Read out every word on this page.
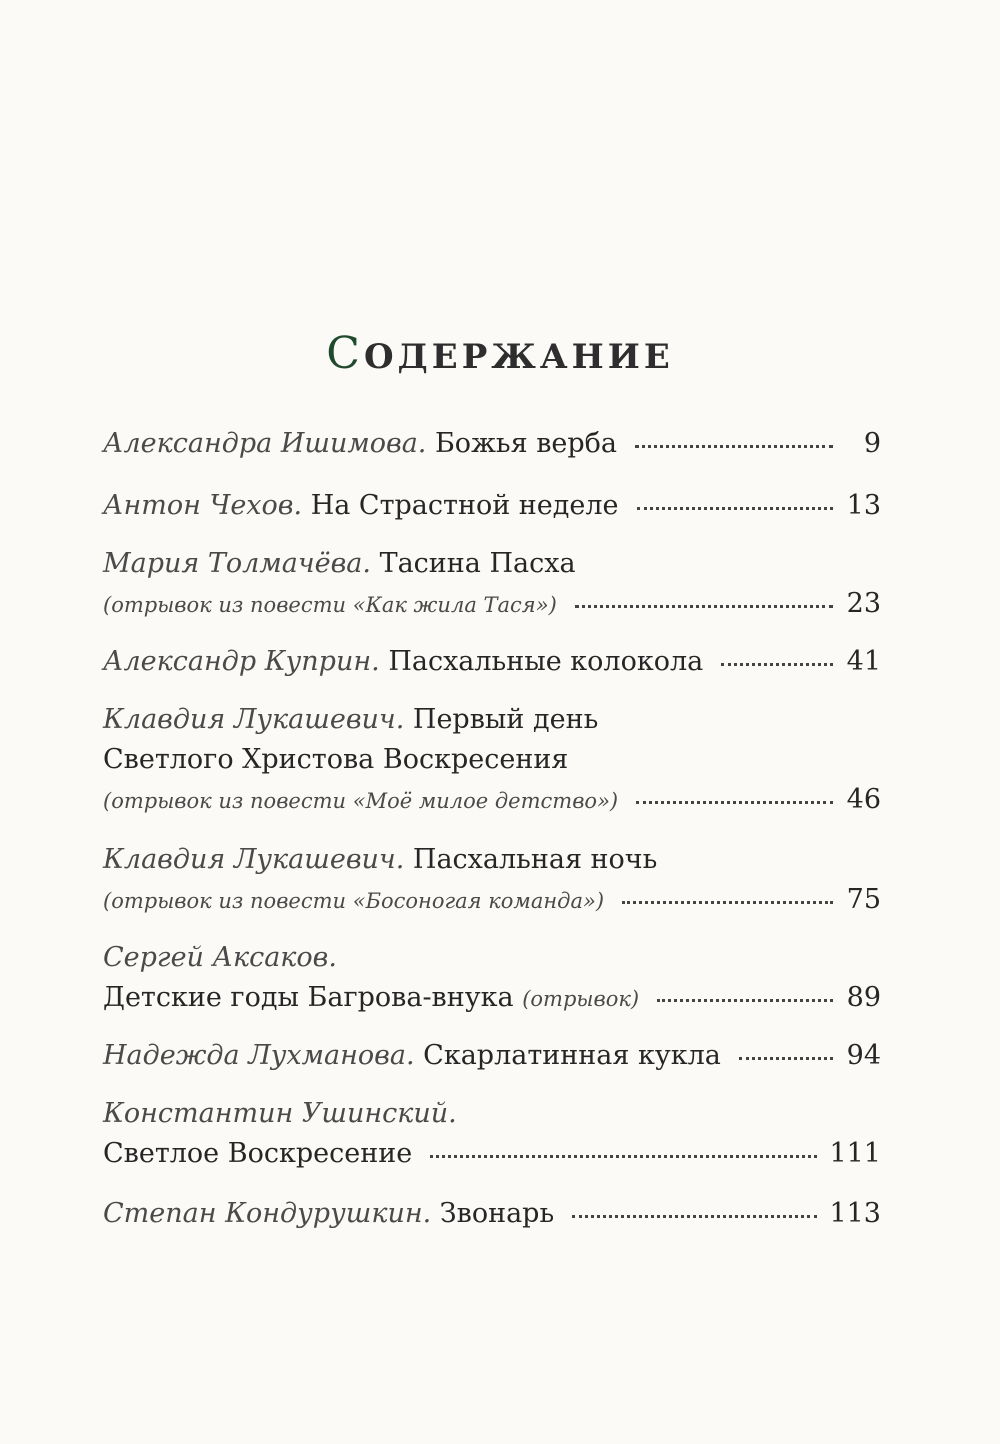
СОДЕРЖАНИЕ
Александра Ишимова . Божья верба	9
Антон Чехов . На Страстной неделе	13
Мария Толмачёва . Тасина Пасха
(отрывок из повести «Как жила Тася»)	23
Александр Куприн . Пасхальные колокола	41
Клавдия Лукашевич . Первый день
Светлого Христова Воскресения
(отрывок из повести «Моё милое детство»)	46
Клавдия Лукашевич . Пасхальная ночь
(отрывок из повести «Босоногая команда»)	75
Сергей Аксаков.
Детские годы Багрова-внука
(отрывок)	89
Надежда Лухманова . Скарлатинная кукла	94
Константин Ушинский.
Светлое Воскресение	111
Степан Кондурушкин . Звонарь	113
